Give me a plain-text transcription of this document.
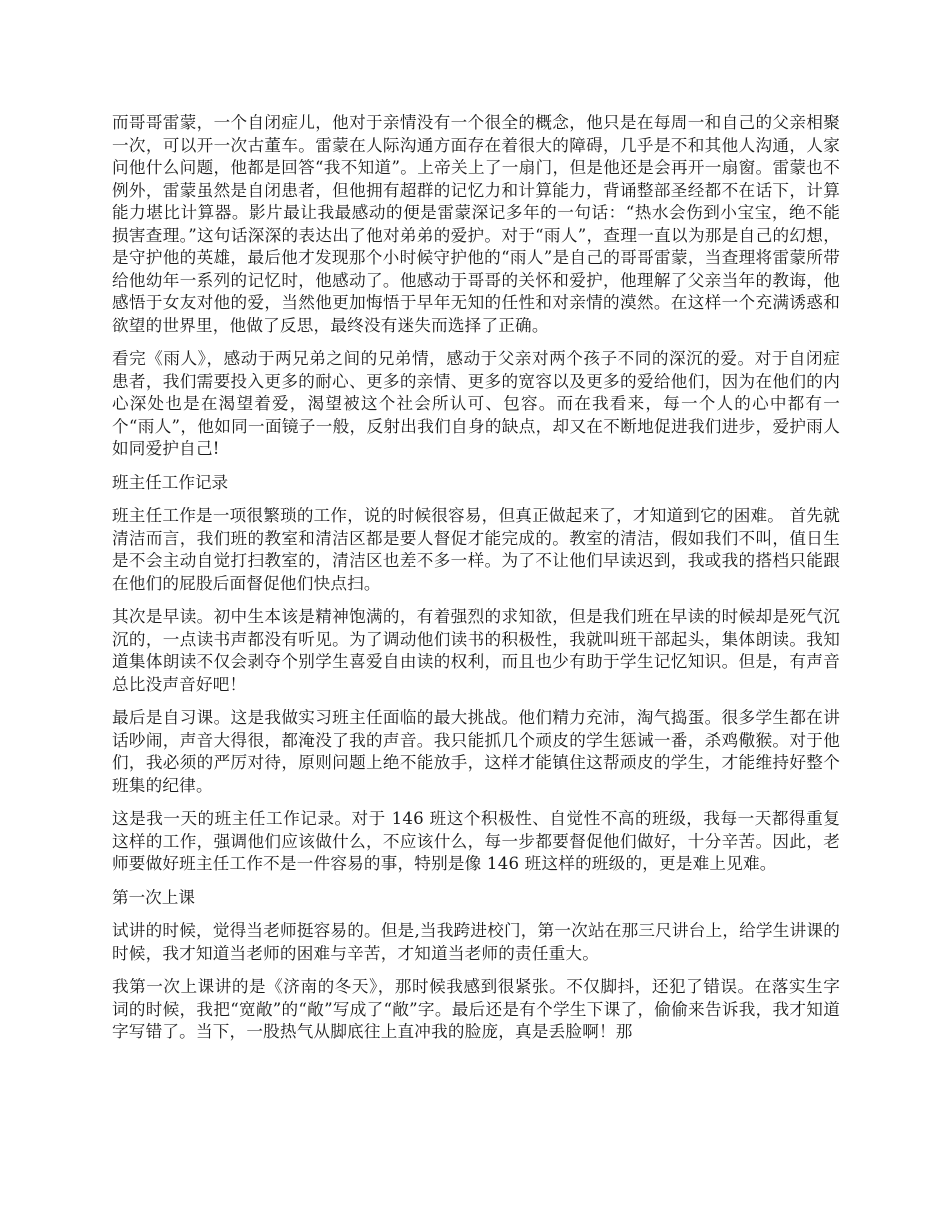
而哥哥雷蒙，一个自闭症儿，他对于亲情没有一个很全的概念，他只是在每周一和自己的父亲相聚一次，可以开一次古董车。雷蒙在人际沟通方面存在着很大的障碍，几乎是不和其他人沟通，人家问他什么问题，他都是回答“我不知道”。上帝关上了一扇门，但是他还是会再开一扇窗。雷蒙也不例外，雷蒙虽然是自闭患者，但他拥有超群的记忆力和计算能力，背诵整部圣经都不在话下，计算能力堪比计算器。影片最让我最感动的便是雷蒙深记多年的一句话：“热水会伤到小宝宝，绝不能损害查理。”这句话深深的表达出了他对弟弟的爱护。对于“雨人”，查理一直以为那是自己的幻想，是守护他的英雄，最后他才发现那个小时候守护他的“雨人”是自己的哥哥雷蒙，当查理将雷蒙所带给他幼年一系列的记忆时，他感动了。他感动于哥哥的关怀和爱护，他理解了父亲当年的教诲，他感悟于女友对他的爱，当然他更加悔悟于早年无知的任性和对亲情的漠然。在这样一个充满诱惑和欲望的世界里，他做了反思，最终没有迷失而选择了正确。

看完《雨人》，感动于两兄弟之间的兄弟情，感动于父亲对两个孩子不同的深沉的爱。对于自闭症患者，我们需要投入更多的耐心、更多的亲情、更多的宽容以及更多的爱给他们，因为在他们的内心深处也是在渴望着爱，渴望被这个社会所认可、包容。而在我看来，每一个人的心中都有一个“雨人”，他如同一面镜子一般，反射出我们自身的缺点，却又在不断地促进我们进步，爱护雨人如同爱护自己!

班主任工作记录

班主任工作是一项很繁琐的工作，说的时候很容易，但真正做起来了，才知道到它的困难。 首先就清洁而言，我们班的教室和清洁区都是要人督促才能完成的。教室的清洁，假如我们不叫，值日生是不会主动自觉打扫教室的，清洁区也差不多一样。为了不让他们早读迟到，我或我的搭档只能跟在他们的屁股后面督促他们快点扫。

其次是早读。初中生本该是精神饱满的，有着强烈的求知欲，但是我们班在早读的时候却是死气沉沉的，一点读书声都没有听见。为了调动他们读书的积极性，我就叫班干部起头，集体朗读。我知道集体朗读不仅会剥夺个别学生喜爱自由读的权利，而且也少有助于学生记忆知识。但是，有声音总比没声音好吧！

最后是自习课。这是我做实习班主任面临的最大挑战。他们精力充沛，淘气捣蛋。很多学生都在讲话吵闹，声音大得很，都淹没了我的声音。我只能抓几个顽皮的学生惩诫一番，杀鸡儆猴。对于他们，我必须的严厉对待，原则问题上绝不能放手，这样才能镇住这帮顽皮的学生，才能维持好整个班集的纪律。

这是我一天的班主任工作记录。对于 146 班这个积极性、自觉性不高的班级，我每一天都得重复这样的工作，强调他们应该做什么，不应该什么，每一步都要督促他们做好，十分辛苦。因此，老师要做好班主任工作不是一件容易的事，特别是像 146 班这样的班级的，更是难上见难。

第一次上课

试讲的时候，觉得当老师挺容易的。但是,当我跨进校门，第一次站在那三尺讲台上，给学生讲课的时候，我才知道当老师的困难与辛苦，才知道当老师的责任重大。

我第一次上课讲的是《济南的冬天》，那时候我感到很紧张。不仅脚抖，还犯了错误。在落实生字词的时候，我把“宽敞”的“敞”写成了“敞”字。最后还是有个学生下课了，偷偷来告诉我，我才知道字写错了。当下，一股热气从脚底往上直冲我的脸庞，真是丢脸啊！那
